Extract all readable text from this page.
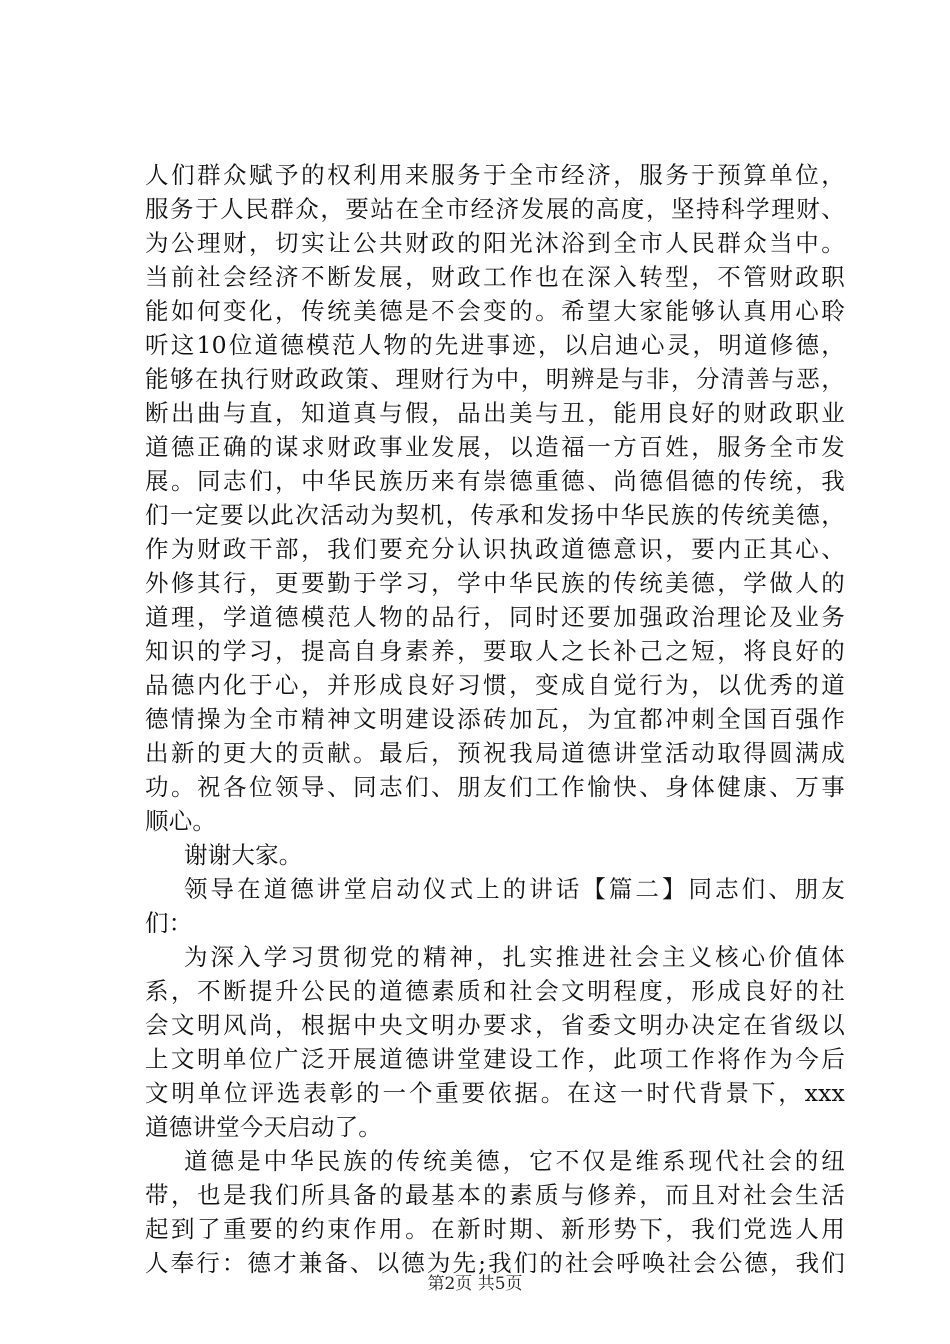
人们群众赋予的权利用来服务于全市经济，服务于预算单位，
服务于人民群众，要站在全市经济发展的高度，坚持科学理财、
为公理财，切实让公共财政的阳光沐浴到全市人民群众当中。
当前社会经济不断发展，财政工作也在深入转型，不管财政职
能如何变化，传统美德是不会变的。希望大家能够认真用心聆
听这10位道德模范人物的先进事迹，以启迪心灵，明道修德，
能够在执行财政政策、理财行为中，明辨是与非，分清善与恶，
断出曲与直，知道真与假，品出美与丑，能用良好的财政职业
道德正确的谋求财政事业发展，以造福一方百姓，服务全市发
展。同志们，中华民族历来有崇德重德、尚德倡德的传统，我
们一定要以此次活动为契机，传承和发扬中华民族的传统美德，
作为财政干部，我们要充分认识执政道德意识，要内正其心、
外修其行，更要勤于学习，学中华民族的传统美德，学做人的
道理，学道德模范人物的品行，同时还要加强政治理论及业务
知识的学习，提高自身素养，要取人之长补己之短，将良好的
品德内化于心，并形成良好习惯，变成自觉行为，以优秀的道
德情操为全市精神文明建设添砖加瓦，为宜都冲刺全国百强作
出新的更大的贡献。最后，预祝我局道德讲堂活动取得圆满成
功。祝各位领导、同志们、朋友们工作愉快、身体健康、万事
顺心。
谢谢大家。
领导在道德讲堂启动仪式上的讲话【篇二】同志们、朋友
们：
为深入学习贯彻党的精神，扎实推进社会主义核心价值体
系，不断提升公民的道德素质和社会文明程度，形成良好的社
会文明风尚，根据中央文明办要求，省委文明办决定在省级以
上文明单位广泛开展道德讲堂建设工作，此项工作将作为今后
文明单位评选表彰的一个重要依据。在这一时代背景下，xxx
道德讲堂今天启动了。
道德是中华民族的传统美德，它不仅是维系现代社会的纽
带，也是我们所具备的最基本的素质与修养，而且对社会生活
起到了重要的约束作用。在新时期、新形势下，我们党选人用
人奉行：德才兼备、以德为先;我们的社会呼唤社会公德，我们
第2页 共5页
